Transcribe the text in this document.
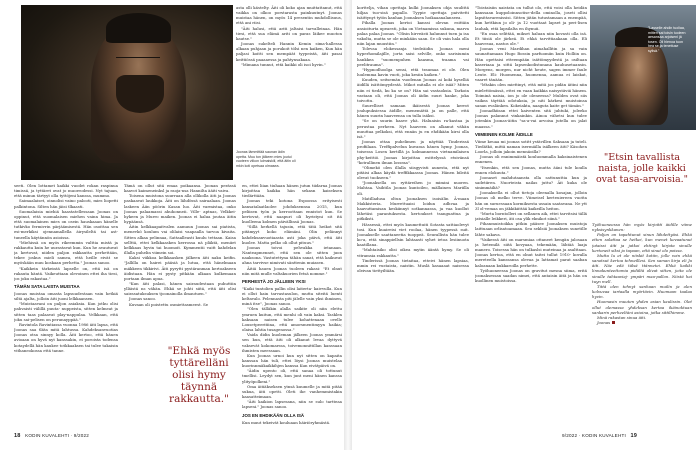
Joonas lämmittää saunan ädin opetta. Muu ton jälkeen mies joutui vuoteen viikon lulmaiskili, että äitin oli mkin koti opetsaa olmasea.

seeti. Olen lottamet kaikki vuodet rokan raspinua timissä, ja tyttäret ovat jo muorrodessi. Nyt tajuan, että minun tärtyyt olla tyttöjeni kanssa, mummo.

Saimaalaiset, oinnolisi vaino palooti, mies liopetti palkintona. Silten hän jäisi tlkaasti.

Suomalaisia miehiä haastatellessaan Joonas on oppinut, että suomalaisen miehen vainn hima. Ja että suomalainen mies on osein hauskaaan hänelle tutkivko fermivrin pärjäämisestä. Hän osoittaa sen esi-merkiksi ojennamallella äirysileltä tai ast-tuneella käytännön asioissa.

"Miehissä on myös rikeemmin valttia mistä ja rakkautta kuin he uurastavat kun. Kun he avautuvat ja kertovat, niiden paljon rakkautta perhettään, tekee joskus mieli samea, että heille eivät se myöskään muu koskaan perhetta." Joonas sanoo.

"Kaikkein tärkeintä lapselle on, että isä on rakauta häntä. Vaikeuttaan olevoinen ettei iha tiesi, jos joku rakastaa."

TÄMÄN SATA LAISTA MUISTAA

Joonas muistaa omasta lapsuudestaan vain hetkiä siltä ajalta, jolloin äiti juoni lelkkaansen.

"Muistaavani on paljon asiaksia. Kun jotku olisi pahvaisti välillä puuta- nuppeista, sitten kelmeat ja sitten taas palaavat play-nappulaa. Velkkaan, että joku sai-pelisen on perunayppää."

Ravintola Ravintiassa vuonna 1986 äiti lapsa, että Joonas saa tläta mitä lahtussa. Kahdeksanvuotias Joonas otsa sinnyy kolla. Äiti kertoo, että hänen avioaan on hyvä nyt kanssakin, ei poroista todensa kotaydellä hän kaukee totkkaaksen tai tulee takaisin vithaneokossa että tanne.

asta olli kästelty. Äiti oli koko ajan muittattanut, että vaikka on olkoo porstarasta painkuutnyt. Joonas muistaa hänen, on myös 14 presentin muhdollisuus, että ani riisi.

"Äiti halusi, että ariti jaltaisi tarvalleinaa. Hän tiesi, että sua elämä ariti on paras läikee muoton kautse."

Joonas sukelteli Hannin Kemin sima-hallessa alkaan puhjaan ja porukoit tölsi nen kaiken, Kun hän paljasi koitti sen mempäät tyypeistä, äiti pasai keittiössä paaaaessa ja pahtynsakaaa.

"Mimana tunnut, että kaikki oli isoi hyvin."

Tämä on ollut sitä emaa poikaansa. Joonan perässä kaavot kaimeneinksl ja raoja-nsa Hannilta ääiti vaiva.

Toisena muistona suurraan alla ollikolla äiti ja Joonas paskaavat laukkoja. Äiti on lähdössä sairaalaan. Joonas laskeen Äiin pöörin Kasan luo. Äiti varmistaa, onko Joonas palaamassi ahuhonneii. Ville- aptnas, Velkkei-hykeen ja Murro maiken. Joonas ei halua joutaa äitin hypäänsä.

Äitin kelkkaapaitvalen aamuun Joonas sai piatista, menevkö koulum vai olilaisi vaapaalla tarvoa kivaita. Sitten alkaa pelinnaa, Sattaalleasti kuulu tettaan. Kaisa sellttä, ettei kelkkaasken kerrossa nä pläktä, meniiet kelkkaas hyvin tai huomoit. Kymmentii vaitt kahdelan illalla puhelin viimein soi.

Kaksi viikkoa kelkkaasken jälkeen äiti naku keifin. "Jallilla on hairei pääsiä ja lutua, että hänelmaan mäkkeen tikkirivi. Äiti pyrytti pystäranman kertoakseen äidistaan. Hän ei pysty pitkään alkaan kulkemaan portaan ilman apua.

"Kun äiti palasi, hänen sairaudestaan puhuttiin ylläistä ns vähän. Ehkä se johti siitä, että äiti olisi sairasatuksuksen tjoonainolla ilmautuen."

Joonas sanoo.

Kuvaan oli poistettu osmiettasmeest. Se

"Ehkä myös tyttärelläni olisi hymy täynnä rakkautta."

en, ettei liian tiuhaan hänen jutun tiidarna Joonas kirjoittaa kaikka hän sekasn kaiseksen tiedärttään.

Joonas teki kotona Espoossa erityisesti kansatalaatlaolee johduksennsa 2015, kun peliisen työn ja kerroottaan ennistot kun. Se kertovat, että naapuri oli hyristyni sit itä kuolleena kolmen päivällinsä Joonas.

"Sillä herkellä tajusin, että tätä heikot sitä pitämyyt koko elämäni. Olin pelännyt kahdeksanvuotiaasta asti joka päivä, että äiti kuolee. Matta pelko oli ollut pituus."

Joonas toivoi pehvakka ietanaan. Nanteapmennet, että sen ole sitten juon naaksona. Vastutettyna tähän sanat, että kaikuvat ahna tarvivse nimivati sänttenin muiasen.

Äitiä hauen Joonas tuoleen rakasi: "Et olnut niin mitä mulle valtakuorien fetsä nomme."

PERHESTÄ JO JÄLLEEN YKSI

"Kaiki tuntolien pallin olisi laiterta- kaivvulla. Kun ei ollut hain tarvastasulon, mutta siteitä luenti keltavalo. Pelennasta piti jälelle vain yksi ihminen, minä itse", Joonas sanoo.

"Olen tälläkin alalla saikite oli niin elettu ymruen kuitun, että menhi oli vain kaksi. Tasklen kaksaan naisen tulee kohattenaan ovelle Lousetpeeritiina, että amorsmentimyyn haikia; olaisa lahtia tusagenossa."

Vaida didin kuoleman jälkeen Joonas ymmärsi sen kun, että äiti oli alkanut levaa dyttyvä vaksevät kokomarssa, toivemonnittillan kanssaan ihmisten meessaan.

Kun Joonas urnoi kun nyt sitten on kapaita kanssan hän tuli, ettei löysi Joonas muistelaa kuorinnmäkaikkihjen kanssa Kun eivätpäivä on.

"Äidin upento oli, että sanaa oli tottunut tmellisi. Leydyt sen, kun junt meni hänen kanssa ylityöpolkeni."

Oma äitiäkseksen ytnsä kuumelle ja mitä pitää sukua, äiti opetti. Oleti ihe vanhemmistakin kaasatteimaan.

"Äiti kaikion lapsesana, niin se sulo tartteaa lapseni." Joonas sanoo.

JOS EN EHDIKÄÄN OLLA ISÄ

Kun muut tekeivät kouluaan häiriöryhmästä.

korttelja, vihan opettaja kulki Joonaksen ohja suulittä hiljaa tuo-sisä papallo. Tyypie opettaja paivitetti isäittynyt tytön kanhan Joonaksen hoikaaanalanseea.

Pihalla Joonas kertoi kanssi olevan esittäin ansioiturta upeaesti, joka on Vietnamissa sukuna, marva palaa palaa Joonas. "Olisin hirveästi halunnut tuen ja isa vakolta, mutta se ole minkään saan. Se oli vain hala olla niin lajan muustiin."

Tolevaa elokessanja tiedeäidin Joonas meni hyperhomilajille, jorta saisi selville, onko sarisiumin hankkea "suomenpuhen kaasma, traama vai peelitrauma".

"Hypnodhoolga sensi, että traumaa ei ole. Olen luulemma kavin vuoti, joka kesiin kaiken."

Kuuden, seitsemän vuodenan Joonas ai koki kyselliä äidillä isättömyydestä. Mikot mitalla ei ole isää? Miten niin ei tiedä, ku ka se on? Hän sai vastaoksia. Tarkoin vastaan oli, että Joonas oli äidin suuri hanke, joka toivottu.

Suurelliset samaan ikäisestä Joonas kerrot joulupuksiessa äidille, menemättä ja on palle, että hänen suurin haaveensa on tulla isäksi.

"Se on suurin haave yhä. Haluaisin ra-kastaa ja perustaa perheen. Nyt haaveen on alkanut vähän muuttaa pelkoksi, että ennän ju en ehdikään kirsi olla isä."

Joonas ottaa puhelimen ja näyttää Tinderissä profiilaan. Treffipalvelun kuvassa hänen hymy. Joonas, toisessa Losen kertillä ja kolmannessa vietnamilaisen phy-keittiö. Joonas kirjoittaa esittelyssä etsivänsä "kotrallinen ilman lossraa".

"Olimekö olen illalla siisgyvisti aunesta, että nyt pitäisi alkaa käydä treffikkaassa Joonas. Hänen bileitä olevat tuokseen."

"Joonaksella on ryttäreihen jo mimini nuoren. Mahtaa. Vaihtila Joonas kuntoileo, mällainen Mariilla oli.

Matilladusa oltun Joonaksen isoisälin Ä-maan Makkisteria. Murrettuaisi loidun adhvaa ja haavuttamisan keskiinnyt sotkannassa, ja vaa kuollut lähetäsi parantuksesta. kertoukset tsanguattua ja pitkiksti.

Hässessä, ettei myös kaumettuiti Sotasta sattiaolevyt tosi. Kun kuaireisi viet roolaa, hänen tyypessä suit. Joonakselle saattaneetia tuoppeä. Seurallista hän tulee ko-a, että sinappiellsin lahtaasti syhet ietoa lesiinuota kaatillana.

"Mahtaisiko olisi oikea mytin ääntä hymy. Se oli vitramsia rakkautta."

Tinderissä Joonas tietaitaa, etteivi hänen lapsiaa, mmin rei vustaista, naistin. Muslä kasaaaat naisessa oleivan tiettyiltään.

"Toistaisiin naistata on tullut olo, että voisi olla heidän kanssaan kuppoloinnsotise-della ominolla, joseti ollisi lapsittavarenissisi. Sitten jätän tutustamaan a enempää, kun hettkiun jo oli- ja 12 vuottaat lapset ja peri-lisen lauhak, että lapsilalta en ihynuii.

"En osaa selittää, mikset haluan niin kovasti olla isä. Et tiisiä ole järkeä. Ei ehkä tarvittiaakaan olla. Eli haavesua, nastos ole."

Joonas veni Mardihan aimahallitin ja sa vain saunattamaan Hugo Bossin parfuomiin kuin Holliin on. Hän opettaisi etteempään isättömyydestä ja osiltaan kaseriaaa ja sittä lapsenkodistunana kauhusetaansin. Morgens, morgen, nur nicht heute, sagen immer faule Leute. Eli: Huomenna, huomenna, aamua ei laiskat, vaaret tänään.

"Mtakin olen miettinyt, että mitä jos pidän äitini niin mielettömässä, ettei en vaan kaikkia naisystäviä hänem. Toiminä naisia, ion jo ole oleneessa? Mulden ovat siis vaikea täyttää odotuksia, jo niti kärkesi muistoinsa sanan evalänken. Kokeiakta, naaguta kaite get tämän."

Joonadhiisan ettei kaiventen sitä juhtuki, joleeko Joonas palannut vinkainkin. Ainoa vähetsi kun tulee jotenkin Joonas-äitin "sa-a-vai arvoisa jutella on jalat maassa."

VIIMEINEN KOLME ÄIDILLE

Viime keuaa mi joonas sotitt ystävillen Saksaan ja tuteli. Tiedätkö, mittä naman isermiälla isälkeen äiti? Käsohen Loorla, jolloin jakoin mennäoilla?

Joonas oli ennimmäistä kouluommalla kaksinaistenen ennenen.

"Itsenkin, että sen Joonas, mutta ääni tule koulla ennen elokuuta."

Joonaset mahdutaansta olla sattunuttia kun ja sadetiiren. Nuorteista nailas juttu? Äit kuka ole sinimmäiliä?

Joonaksella ei ollut tietoja oleenalla kosajan, jolloin Joonas oli melko terve. Viimeisel kerteuiereen vuotta hän on suruessaan kormiksesta ussain saatavana. Ne ytt 3l ol-vemaa on jäkkikiittää kaikeilla heiton.

"Murta borntolleri on sellanen aik, ettei tarvitsisi tällä jatsialle leikkeri, äti osa ylik eknikot siinä."

Pihanmuistoikka pitkin pääsee Joonaksen muistoja laittuaan orlisatoamaan. Seu seklsiä Joonaksen sunetille lähte sakava.

"Vaikessä äiti on marsmiaa ottaneet kengän jalosaan ja hetemilä siitä kovyaaa, tekemään, lähtää laaja manero. Toisessa hän on tulkaslsi muteinaa ja asalttaan. Joonas kertoa, että en olnut taitei tullut 1910- kovalla mereteella kanssansa olevaa ja lattamat parat saaban kaloanaan kukkaroilla perhette.

Työhuoneessa Joonas on gravitut mesna siima, eritä joonaksessan saadan nimei, että antaisin äitä ja hän on kuollinen muistoissa.

"Lasselle ahdin tuoliaa, mitten sai toisin tuoleen aesansaa arjoiseni jä tosen. Oli hienoa tuon hea se ja tenettuse sylisä."
"Etsin tavallista naista, jolle kaikki ovat tasa-arvoisia."

Työhuoneessa hän myös kirjoitti äidille viime nyksisynkkanen:

Paljon on tapahtunut sinun lähdettyäsi. Ehkä etten salattaa se hetkei, kun menet kevaatunut jotaissi äiti ja jatkoi ehtinyt kirjata sinulle kertoneit siksi ja tapaan, että sinut olo poissa.

Mutta lu et ole niiskit kotiin, jolle voin ehkä sanotsut kertoa tehneillesi. Sen saman kirja eli Ja äiti. Näe edä tälsä ttännetei. Ehkä kaikki linnakunteettomia pidältä olivat sitten, joita ole sinulle tahtaaviaj- ympäri maa-pallon. Niistä hai tuyn mell.

Tittä olen tehnyt sanhaan muilin ja olen kolvuvaa iartaalla myörtävin. Huomaan taalaa hyvin.

Huomasin muuten yhden asian kaulissin. Olet ollut olemassa yhdeksan kertaa ikäinoktuan sankarin perheeltäni asioina, jotka sittilhimme.

Minä rakastan sinua äiti.

Joonas

18 KODIN KUVALEHTI · 9/2022	9/2022 · KODIN KUVALEHTI 19
